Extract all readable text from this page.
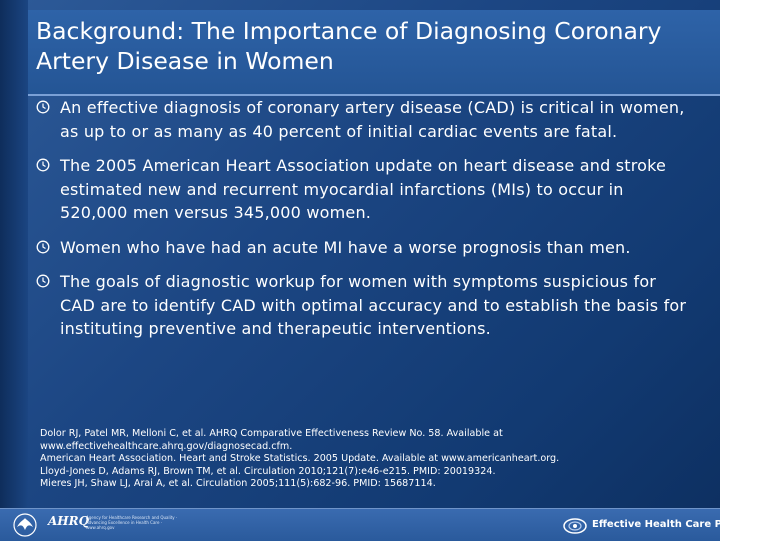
Background: The Importance of Diagnosing Coronary Artery Disease in Women
An effective diagnosis of coronary artery disease (CAD) is critical in women, as up to or as many as 40 percent of initial cardiac events are fatal.
The 2005 American Heart Association update on heart disease and stroke estimated new and recurrent myocardial infarctions (MIs) to occur in 520,000 men versus 345,000 women.
Women who have had an acute MI have a worse prognosis than men.
The goals of diagnostic workup for women with symptoms suspicious for CAD are to identify CAD with optimal accuracy and to establish the basis for instituting preventive and therapeutic interventions.
Dolor RJ, Patel MR, Melloni C, et al. AHRQ Comparative Effectiveness Review No. 58. Available at
www.effectivehealthcare.ahrq.gov/diagnosecad.cfm.
American Heart Association. Heart and Stroke Statistics. 2005 Update. Available at www.americanheart.org.
Lloyd-Jones D, Adams RJ, Brown TM, et al. Circulation 2010;121(7):e46-e215. PMID: 20019324.
Mieres JH, Shaw LJ, Arai A, et al. Circulation 2005;111(5):682-96. PMID: 15687114.
AHRQ
Agency for Healthcare Research and Quality · Advancing Excellence in Health Care · www.ahrq.gov	Effective Health Care Program
